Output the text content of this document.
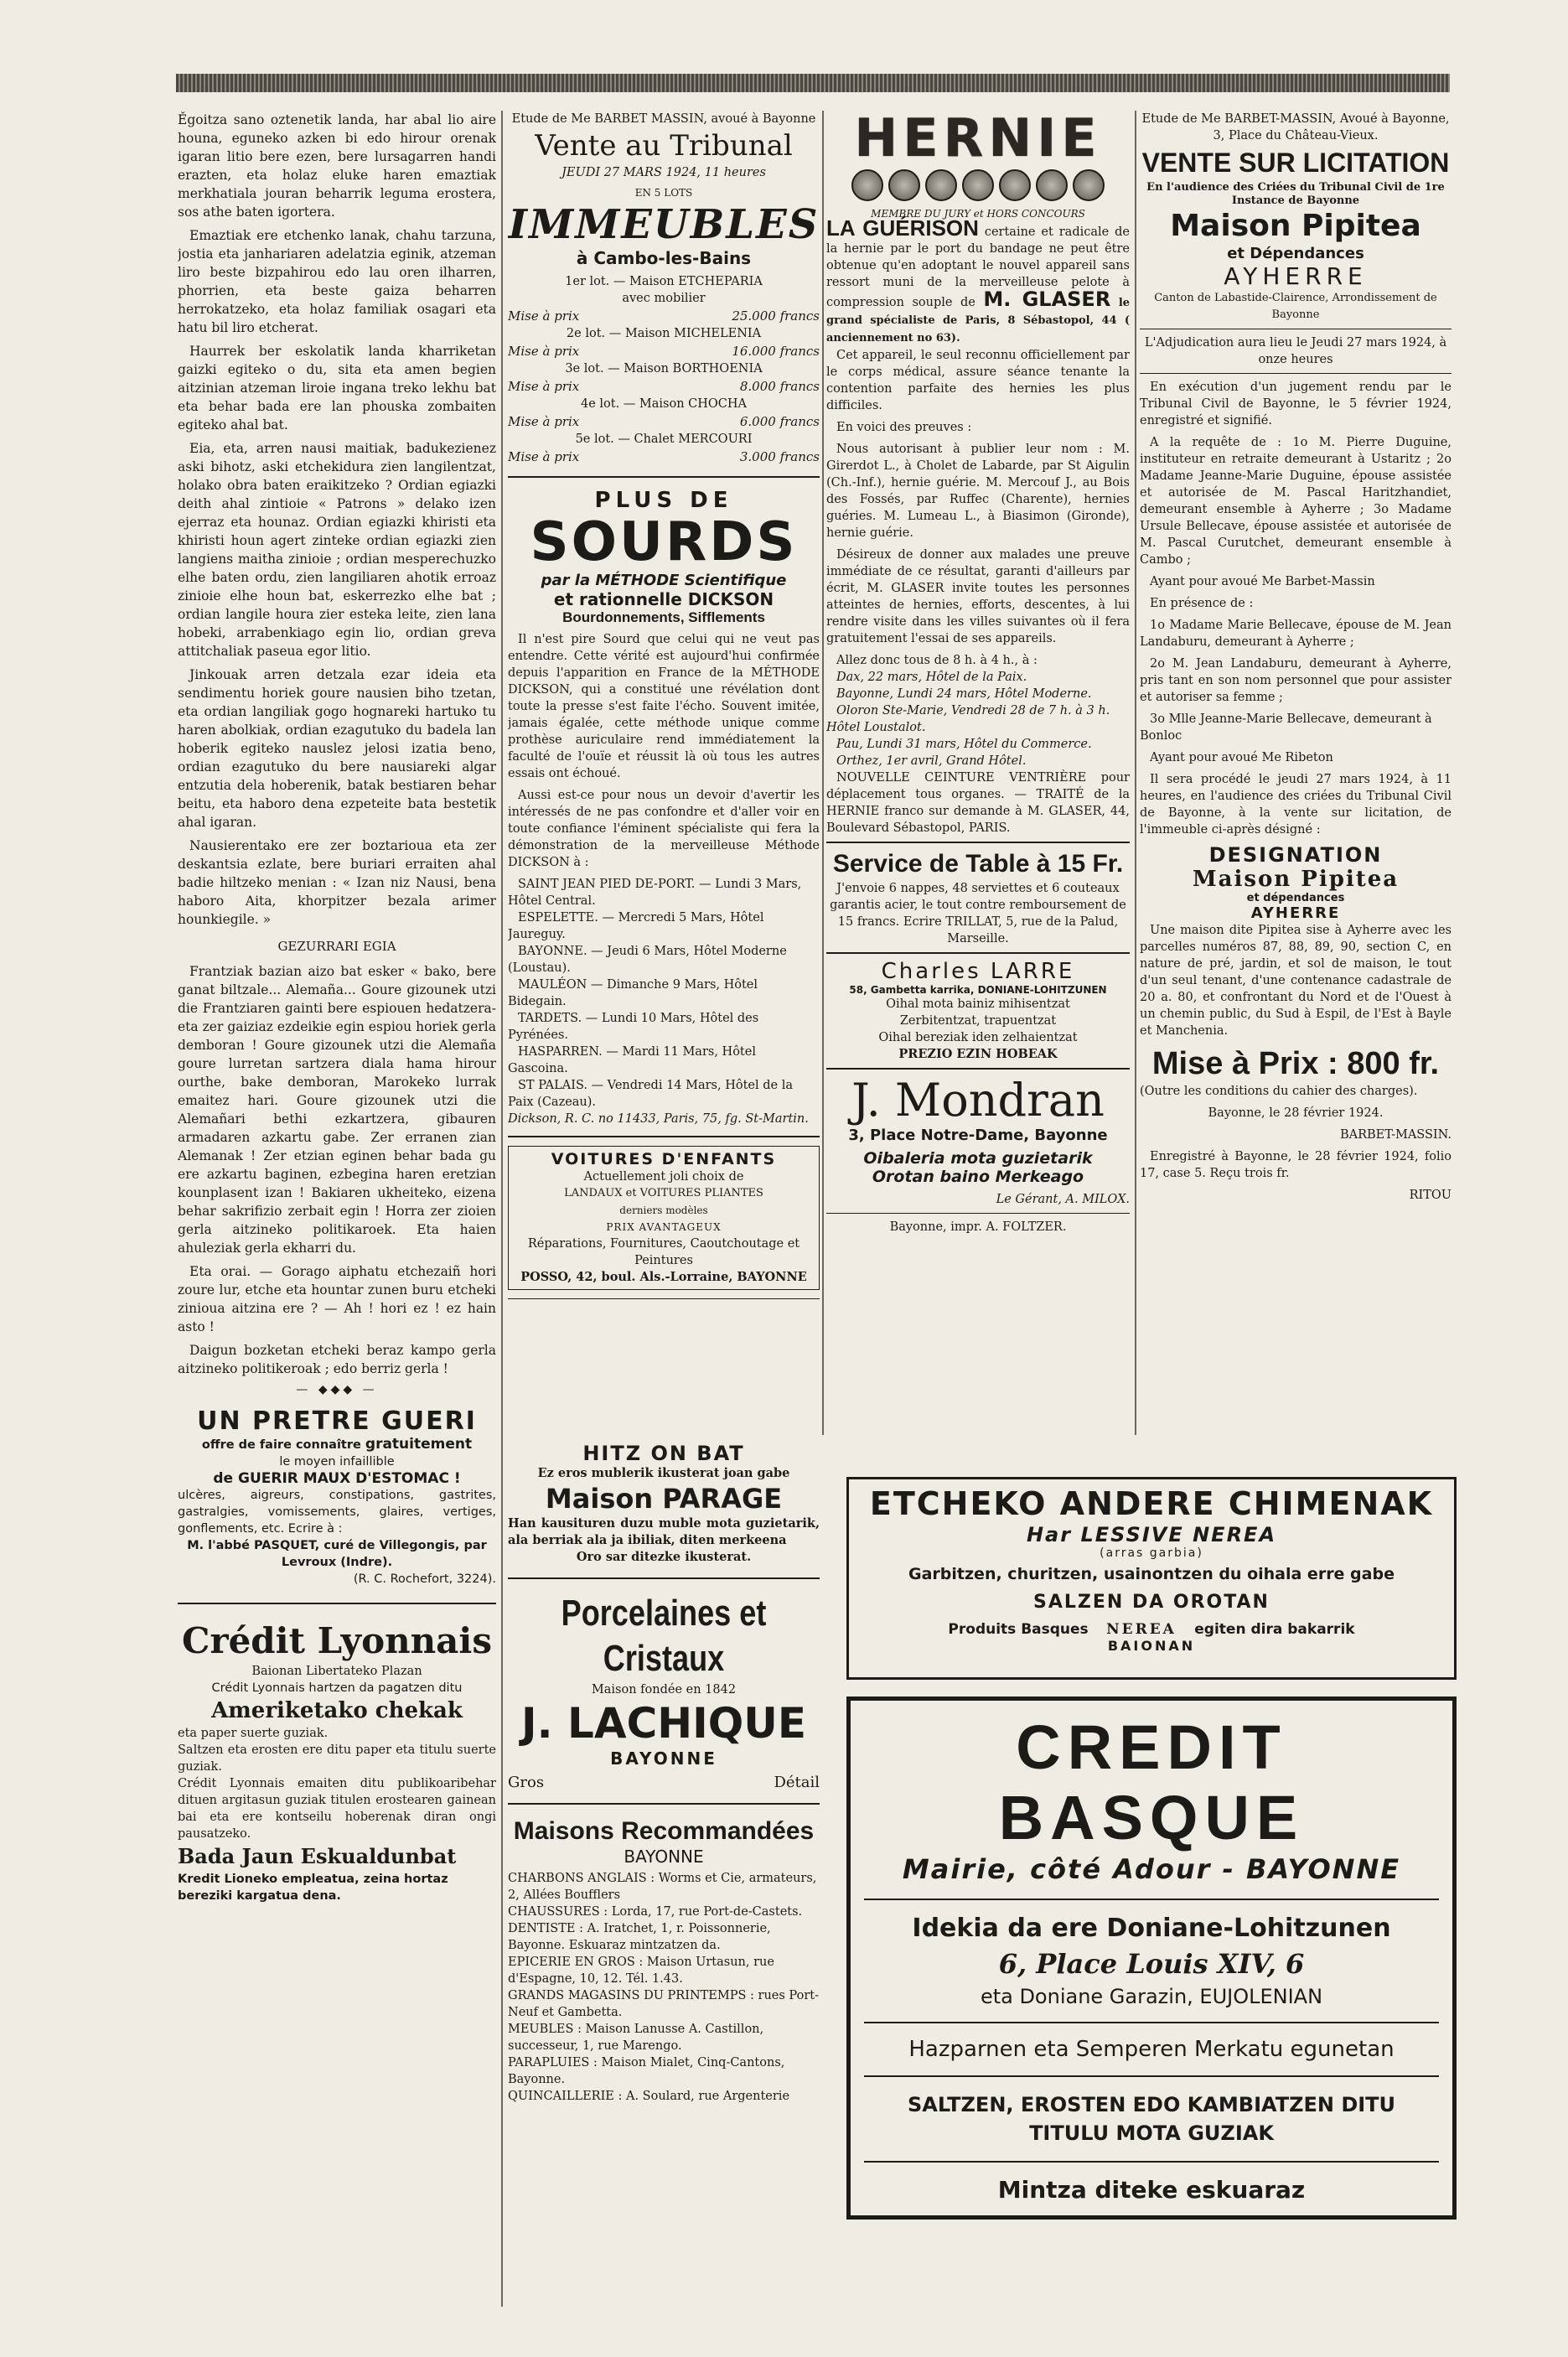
Ěgoitza sano oztenetik landa, har abal lio aire houna, eguneko azken bi edo hirour orenak igaran litio bere ezen, bere lursagarren handi erazten, eta holaz eluke haren emaztiak merkhatiala jouran beharrik leguma erostera, sos athe baten igortera.

Emaztiak ere etchenko lanak, chahu tarzuna, jostia eta janhariaren adelatzia eginik, atzeman liro beste bizpahirou edo lau oren ilharren, phorrien, eta beste gaiza beharren herrokatzeko, eta holaz familiak osagari eta hatu bil liro etcherat.

Haurrek ber eskolatik landa kharriketan gaizki egiteko o du, sita eta amen begien aitzinian atzeman liroie ingana treko lekhu bat eta behar bada ere lan phouska zombaiten egiteko ahal bat.

Eia, eta, arren nausi maitiak, badukezienez aski bihotz, aski etchekidura zien langilentzat, holako obra baten eraikitzeko ? Ordian egiazki deith ahal zintioie « Patrons » delako izen ejerraz eta hounaz. Ordian egiazki khiristi eta khiristi houn agert zinteke ordian egiazki zien langiens maitha zinioie ; ordian mesperechuzko elhe baten ordu, zien langiliaren ahotik erroaz zinioie elhe houn bat, eskerrezko elhe bat ; ordian langile houra zier esteka leite, zien lana hobeki, arrabenkiago egin lio, ordian greva attitchaliak paseua egor litio.

Jinkouak arren detzala ezar ideia eta sendimentu horiek goure nausien biho tzetan, eta ordian langiliak gogo hognareki hartuko tu haren abolkiak, ordian ezagutuko du badela lan hoberik egiteko nauslez jelosi izatia beno, ordian ezagutuko du bere nausiareki algar entzutia dela hoberenik, batak bestiaren behar beitu, eta haboro dena ezpeteite bata bestetik ahal igaran.

Nausierentako ere zer boztarioua eta zer deskantsia ezlate, bere buriari erraiten ahal badie hiltzeko menian : « Izan niz Nausi, bena haboro Aita, khorpitzer bezala arimer hounkiegile. »

GEZURRARI EGIA

Frantziak bazian aizo bat esker « bako, bere ganat biltzale... Alemaña... Goure gizounek utzi die Frantziaren gainti bere espiouen hedatzera-eta zer gaiziaz ezdeikie egin espiou horiek gerla demboran ! Goure gizounek utzi die Alemaña goure lurretan sartzera diala hama hirour ourthe, bake demboran, Marokeko lurrak emaitez hari. Goure gizounek utzi die Alemañari bethi ezkartzera, gibauren armadaren azkartu gabe. Zer erranen zian Alemanak ! Zer etzian eginen behar bada gu ere azkartu baginen, ezbegina haren eretzian kounplasent izan ! Bakiaren ukheiteko, eizena behar sakrifizio zerbait egin ! Horra zer zioien gerla aitzineko politikaroek. Eta haien ahuleziak gerla ekharri du.

Eta orai. — Gorago aiphatu etchezaiñ hori zoure lur, etche eta hountar zunen buru etcheki zinioua aitzina ere ? — Ah ! hori ez ! ez hain asto !

Daigun bozketan etcheki beraz kampo gerla aitzineko politikeroak ; edo berriz gerla !

— ◆◆◆ —
UN PRETRE GUERI
offre de faire connaître gratuitement
le moyen infaillible
de GUERIR MAUX D'ESTOMAC !
ulcères, aigreurs, constipations, gastrites, gastralgies, vomissements, glaires, vertiges, gonflements, etc. Ecrire à :
M. l'abbé PASQUET, curé de Villegongis, par Levroux (Indre).
(R. C. Rochefort, 3224).
Crédit Lyonnais
Baionan Libertateko Plazan
Crédit Lyonnais hartzen da pagatzen ditu
Ameriketako chekak
eta paper suerte guziak.
Saltzen eta erosten ere ditu paper eta titulu suerte guziak.
Crédit Lyonnais emaiten ditu publikoaribehar dituen argitasun guziak titulen erostearen gainean bai eta ere kontseilu hoberenak diran ongi pausatzeko.
Bada Jaun Eskualdunbat
Kredit Lioneko empleatua, zeina hortaz bereziki kargatua dena.
Etude de Me BARBET MASSIN, avoué à Bayonne
Vente au Tribunal
JEUDI 27 MARS 1924, 11 heures
EN 5 LOTS
IMMEUBLES
à Cambo-les-Bains
1er lot. — Maison ETCHEPARIA
avec mobilier
Mise à prix	25.000 francs
2e lot. — Maison MICHELENIA
Mise à prix	16.000 francs
3e lot. — Maison BORTHOENIA
Mise à prix	8.000 francs
4e lot. — Maison CHOCHA
Mise à prix	6.000 francs
5e lot. — Chalet MERCOURI
Mise à prix	3.000 francs
PLUS DE
SOURDS
par la MÉTHODE Scientifique
et rationnelle DICKSON
Bourdonnements, Sifflements

Il n'est pire Sourd que celui qui ne veut pas entendre. Cette vérité est aujourd'hui confirmée depuis l'apparition en France de la MÉTHODE DICKSON, qui a constitué une révélation dont toute la presse s'est faite l'écho. Souvent imitée, jamais égalée, cette méthode unique comme prothèse auriculaire rend immédiatement la faculté de l'ouïe et réussit là où tous les autres essais ont échoué.

Aussi est-ce pour nous un devoir d'avertir les intéressés de ne pas confondre et d'aller voir en toute confiance l'éminent spécialiste qui fera la démonstration de la merveilleuse Méthode DICKSON à :

SAINT JEAN PIED DE-PORT. — Lundi 3 Mars, Hôtel Central.
ESPELETTE. — Mercredi 5 Mars, Hôtel Jaureguy.
BAYONNE. — Jeudi 6 Mars, Hôtel Moderne (Loustau).
MAULÉON — Dimanche 9 Mars, Hôtel Bidegain.
TARDETS. — Lundi 10 Mars, Hôtel des Pyrénées.
HASPARREN. — Mardi 11 Mars, Hôtel Gascoina.
ST PALAIS. — Vendredi 14 Mars, Hôtel de la Paix (Cazeau).
Dickson, R. C. no 11433, Paris, 75, fg. St-Martin.
VOITURES D'ENFANTS
Actuellement joli choix de
LANDAUX et VOITURES PLIANTES
derniers modèles
PRIX AVANTAGEUX
Réparations, Fournitures, Caoutchoutage et Peintures
POSSO, 42, boul. Als.-Lorraine, BAYONNE
HITZ ON BAT
Ez eros mublerik ikusterat joan gabe
Maison PARAGE
Han kausituren duzu muble mota guzietarik, ala berriak ala ja ibiliak, diten merkeena
Oro sar ditezke ikusterat.
Porcelaines et Cristaux
Maison fondée en 1842
J. LACHIQUE
BAYONNE
Gros	Détail
Maisons Recommandées
BAYONNE
CHARBONS ANGLAIS : Worms et Cie, armateurs, 2, Allées Boufflers
CHAUSSURES : Lorda, 17, rue Port-de-Castets.
DENTISTE : A. Iratchet, 1, r. Poissonnerie, Bayonne. Eskuaraz mintzatzen da.
EPICERIE EN GROS : Maison Urtasun, rue d'Espagne, 10, 12. Tél. 1.43.
GRANDS MAGASINS DU PRINTEMPS : rues Port-Neuf et Gambetta.
MEUBLES : Maison Lanusse A. Castillon, successeur, 1, rue Marengo.
PARAPLUIES : Maison Mialet, Cinq-Cantons, Bayonne.
QUINCAILLERIE : A. Soulard, rue Argenterie
HERNIE
MEMBRE DU JURY et HORS CONCOURS
LA GUÉRISON certaine et radicale de la hernie par le port du bandage ne peut être obtenue qu'en adoptant le nouvel appareil sans ressort muni de la merveilleuse pelote à compression souple de M. GLASER le grand spécialiste de Paris, 8 Sébastopol, 44 ( anciennement no 63).

Cet appareil, le seul reconnu officiellement par le corps médical, assure séance tenante la contention parfaite des hernies les plus difficiles.

En voici des preuves :

Nous autorisant à publier leur nom : M. Girerdot L., à Cholet de Labarde, par St Aigulin (Ch.-Inf.), hernie guérie. M. Mercouf J., au Bois des Fossés, par Ruffec (Charente), hernies guéries. M. Lumeau L., à Biasimon (Gironde), hernie guérie.

Désireux de donner aux malades une preuve immédiate de ce résultat, garanti d'ailleurs par écrit, M. GLASER invite toutes les personnes atteintes de hernies, efforts, descentes, à lui rendre visite dans les villes suivantes où il fera gratuitement l'essai de ses appareils.

Allez donc tous de 8 h. à 4 h., à :
Dax, 22 mars, Hôtel de la Paix.
Bayonne, Lundi 24 mars, Hôtel Moderne.
Oloron Ste-Marie, Vendredi 28 de 7 h. à 3 h. Hôtel Loustalot.
Pau, Lundi 31 mars, Hôtel du Commerce.
Orthez, 1er avril, Grand Hôtel.

NOUVELLE CEINTURE VENTRIÈRE pour déplacement tous organes. — TRAITÉ de la HERNIE franco sur demande à M. GLASER, 44, Boulevard Sébastopol, PARIS.

Service de Table à 15 Fr.
J'envoie 6 nappes, 48 serviettes et 6 couteaux garantis acier, le tout contre remboursement de 15 francs. Ecrire TRILLAT, 5, rue de la Palud, Marseille.
Charles LARRE
58, Gambetta karrika, DONIANE-LOHITZUNEN
Oihal mota bainiz mihisentzat
Zerbitentzat, trapuentzat
Oihal bereziak iden zelhaientzat
PREZIO EZIN HOBEAK
J. Mondran
3, Place Notre-Dame, Bayonne
Oibaleria mota guzietarik
Orotan baino Merkeago
Le Gérant, A. MILOX.
Bayonne, impr. A. FOLTZER.
Etude de Me BARBET-MASSIN, Avoué à Bayonne, 3, Place du Château-Vieux.
VENTE SUR LICITATION
En l'audience des Criées du Tribunal Civil de 1re Instance de Bayonne
Maison Pipitea
et Dépendances
AYHERRE
Canton de Labastide-Clairence, Arrondissement de Bayonne
L'Adjudication aura lieu le Jeudi 27 mars 1924, à onze heures

En exécution d'un jugement rendu par le Tribunal Civil de Bayonne, le 5 février 1924, enregistré et signifié.

A la requête de : 1o M. Pierre Duguine, instituteur en retraite demeurant à Ustaritz ; 2o Madame Jeanne-Marie Duguine, épouse assistée et autorisée de M. Pascal Haritzhandiet, demeurant ensemble à Ayherre ; 3o Madame Ursule Bellecave, épouse assistée et autorisée de M. Pascal Curutchet, demeurant ensemble à Cambo ;

Ayant pour avoué Me Barbet-Massin

En présence de :

1o Madame Marie Bellecave, épouse de M. Jean Landaburu, demeurant à Ayherre ;

2o M. Jean Landaburu, demeurant à Ayherre, pris tant en son nom personnel que pour assister et autoriser sa femme ;

3o Mlle Jeanne-Marie Bellecave, demeurant à Bonloc

Ayant pour avoué Me Ribeton

Il sera procédé le jeudi 27 mars 1924, à 11 heures, en l'audience des criées du Tribunal Civil de Bayonne, à la vente sur licitation, de l'immeuble ci-après désigné :

DESIGNATION
Maison Pipitea
et dépendances
AYHERRE

Une maison dite Pipitea sise à Ayherre avec les parcelles numéros 87, 88, 89, 90, section C, en nature de pré, jardin, et sol de maison, le tout d'un seul tenant, d'une contenance cadastrale de 20 a. 80, et confrontant du Nord et de l'Ouest à un chemin public, du Sud à Espil, de l'Est à Bayle et Manchenia.

Mise à Prix : 800 fr.

(Outre les conditions du cahier des charges).

Bayonne, le 28 février 1924.

BARBET-MASSIN.

Enregistré à Bayonne, le 28 février 1924, folio 17, case 5. Reçu trois fr.

RITOU
ETCHEKO ANDERE CHIMENAK
Har LESSIVE NEREA
(arras garbia)
Garbitzen, churitzen, usainontzen du oihala erre gabe
SALZEN DA OROTAN
Produits Basques NEREA egiten dira bakarrik
BAIONAN
CREDIT BASQUE
Mairie, côté Adour - BAYONNE
Idekia da ere Doniane-Lohitzunen
6, Place Louis XIV, 6
eta Doniane Garazin, EUJOLENIAN
Hazparnen eta Semperen Merkatu egunetan
SALTZEN, EROSTEN EDO KAMBIATZEN DITU TITULU MOTA GUZIAK
Mintza diteke eskuaraz
